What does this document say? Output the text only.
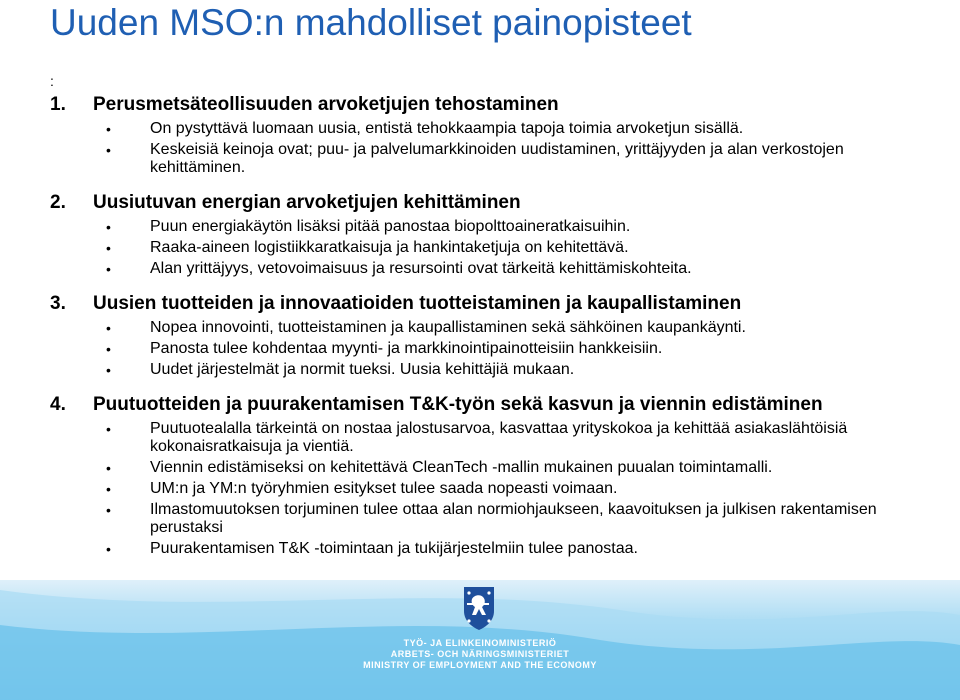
Uuden MSO:n mahdolliset painopisteet
:
1.	Perusmetsäteollisuuden arvoketjujen tehostaminen
• On pystyttävä luomaan uusia, entistä tehokkaampia tapoja toimia arvoketjun sisällä.
• Keskeisiä keinoja ovat; puu- ja palvelumarkkinoiden uudistaminen, yrittäjyyden ja alan verkostojen kehittäminen.
2.	Uusiutuvan energian arvoketjujen kehittäminen
• Puun energiakäytön lisäksi pitää panostaa biopolttoaineratkaisuihin.
• Raaka-aineen logistiikkaratkaisuja ja hankintaketjuja on kehitettävä.
• Alan yrittäjyys, vetovoimaisuus ja resursointi ovat tärkeitä kehittämiskohteita.
3.	Uusien tuotteiden ja innovaatioiden tuotteistaminen ja kaupallistaminen
• Nopea innovointi, tuotteistaminen ja kaupallistaminen sekä sähköinen kaupankäynti.
• Panosta tulee kohdentaa myynti- ja markkinointipainotteisiin hankkeisiin.
• Uudet järjestelmät ja normit tueksi. Uusia kehittäjiä mukaan.
4.	Puutuotteiden ja puurakentamisen T&K-työn sekä kasvun ja viennin edistäminen
• Puutuotealalla tärkeintä on nostaa jalostusarvoa, kasvattaa yrityskokoa ja kehittää asiakaslähtöisiä kokonaisratkaisuja ja vientiä.
• Viennin edistämiseksi on kehitettävä CleanTech -mallin mukainen puualan toimintamalli.
• UM:n ja YM:n työryhmien esitykset tulee saada nopeasti voimaan.
• Ilmastomuutoksen torjuminen tulee ottaa alan normiohjaukseen, kaavoituksen ja julkisen rakentamisen perustaksi
• Puurakentamisen T&K -toimintaan ja tukijärjestelmiin tulee panostaa.
TYÖ- JA ELINKEINOMINISTERIÖ
ARBETS- OCH NÄRINGSMINISTERIET
MINISTRY OF EMPLOYMENT AND THE ECONOMY
